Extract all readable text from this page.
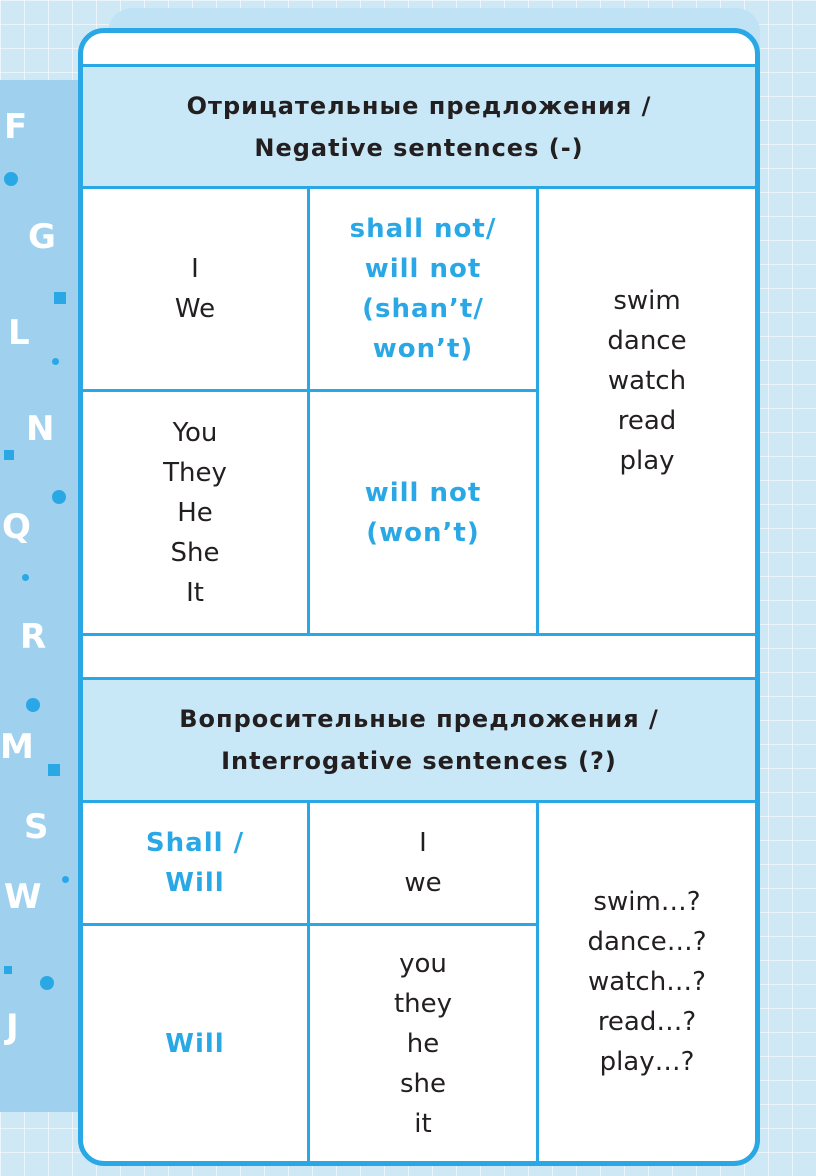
F
G
L
N
Q
R
M
S
W
J
Отрицательные предложения /
Negative sentences (-)
I
We
shall not/
will not
(shan’t/
won’t)
You
They
He
She
It
will not
(won’t)
swim
dance
watch
read
play
Вопросительные предложения /
Interrogative sentences (?)
Shall /
Will
I
we
Will
you
they
he
she
it
swim…?
dance…?
watch…?
read…?
play…?
